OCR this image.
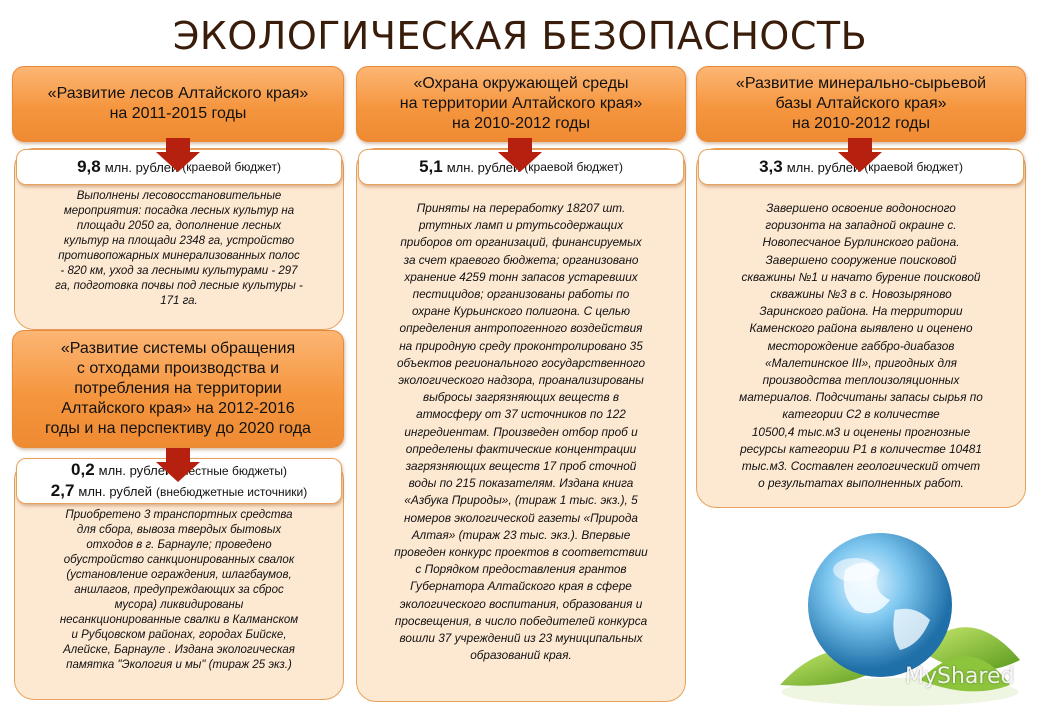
ЭКОЛОГИЧЕСКАЯ БЕЗОПАСНОСТЬ
«Развитие лесов Алтайского края»
на 2011-2015 годы
9,8 млн. рублей (краевой бюджет)
Выполнены лесовосстановительные
мероприятия: посадка лесных культур на
площади 2050 га, дополнение лесных
культур на площади 2348 га, устройство
противопожарных минерализованных полос
- 820 км, уход за лесными культурами - 297
га, подготовка почвы под лесные культуры -
171 га.
«Развитие системы обращения
с отходами производства и
потребления на территории
Алтайского края» на 2012-2016
годы и на перспективу до 2020 года
0,2 млн. рублей (местные бюджеты)
2,7 млн. рублей (внебюджетные источники)
Приобретено 3 транспортных средства
для сбора, вывоза твердых бытовых
отходов в г. Барнауле; проведено
обустройство санкционированных свалок
(установление ограждения, шлагбаумов,
аншлагов, предупреждающих за сброс
мусора) ликвидированы
несанкционированные свалки в Калманском
и Рубцовском районах, городах Бийске,
Алейске, Барнауле . Издана экологическая
памятка "Экология и мы" (тираж 25 экз.)
«Охрана окружающей среды
на территории Алтайского края»
на 2010-2012 годы
5,1 млн. рублей (краевой бюджет)
Приняты на переработку 18207 шт.
ртутных ламп и ртутьсодержащих
приборов от организаций, финансируемых
за счет краевого бюджета; организовано
хранение 4259 тонн запасов устаревших
пестицидов; организованы работы по
охране Курьинского полигона. С целью
определения антропогенного воздействия
на природную среду проконтролировано 35
объектов регионального государственного
экологического надзора, проанализированы
выбросы загрязняющих веществ в
атмосферу от 37 источников по 122
ингредиентам. Произведен отбор проб и
определены фактические концентрации
загрязняющих веществ 17 проб сточной
воды по 215 показателям. Издана книга
«Азбука Природы», (тираж 1 тыс. экз.), 5
номеров экологической газеты «Природа
Алтая» (тираж 23 тыс. экз.). Впервые
проведен конкурс проектов в соответствии
с Порядком предоставления грантов
Губернатора Алтайского края в сфере
экологического воспитания, образования и
просвещения, в число победителей конкурса
вошли 37 учреждений из 23 муниципальных
образований края.
«Развитие минерально-сырьевой
базы Алтайского края»
на 2010-2012 годы
3,3 млн. рублей (краевой бюджет)
Завершено освоение водоносного
горизонта на западной окраине с.
Новопесчаное Бурлинского района.
Завершено сооружение поисковой
скважины №1 и начато бурение поисковой
скважины №3 в с. Новозыряново
Заринского района. На территории
Каменского района выявлено и оценено
месторождение габбро-диабазов
«Малетинское III», пригодных для
производства теплоизоляционных
материалов. Подсчитаны запасы сырья по
категории С2 в количестве
10500,4 тыс.м3 и оценены прогнозные
ресурсы категории Р1 в количестве 10481
тыс.м3. Составлен геологический отчет
о результатах выполненных работ.
MyShared
